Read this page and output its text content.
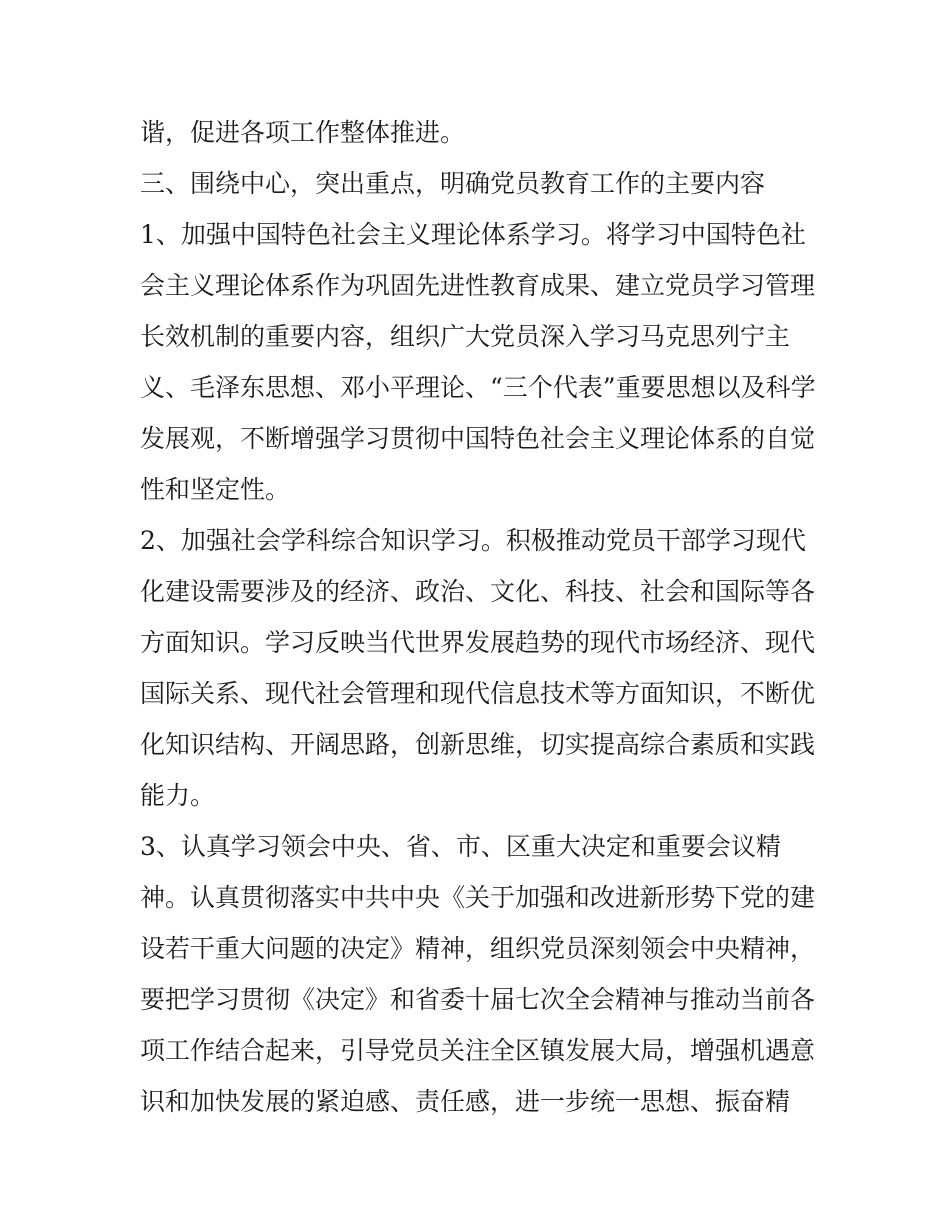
谐，促进各项工作整体推进。
三、围绕中心，突出重点，明确党员教育工作的主要内容
1、加强中国特色社会主义理论体系学习。将学习中国特色社
会主义理论体系作为巩固先进性教育成果、建立党员学习管理
长效机制的重要内容，组织广大党员深入学习马克思列宁主
义、毛泽东思想、邓小平理论、“三个代表”重要思想以及科学
发展观，不断增强学习贯彻中国特色社会主义理论体系的自觉
性和坚定性。
2、加强社会学科综合知识学习。积极推动党员干部学习现代
化建设需要涉及的经济、政治、文化、科技、社会和国际等各
方面知识。学习反映当代世界发展趋势的现代市场经济、现代
国际关系、现代社会管理和现代信息技术等方面知识，不断优
化知识结构、开阔思路，创新思维，切实提高综合素质和实践
能力。
3、认真学习领会中央、省、市、区重大决定和重要会议精
神。认真贯彻落实中共中央《关于加强和改进新形势下党的建
设若干重大问题的决定》精神，组织党员深刻领会中央精神，
要把学习贯彻《决定》和省委十届七次全会精神与推动当前各
项工作结合起来，引导党员关注全区镇发展大局，增强机遇意
识和加快发展的紧迫感、责任感，进一步统一思想、振奋精
